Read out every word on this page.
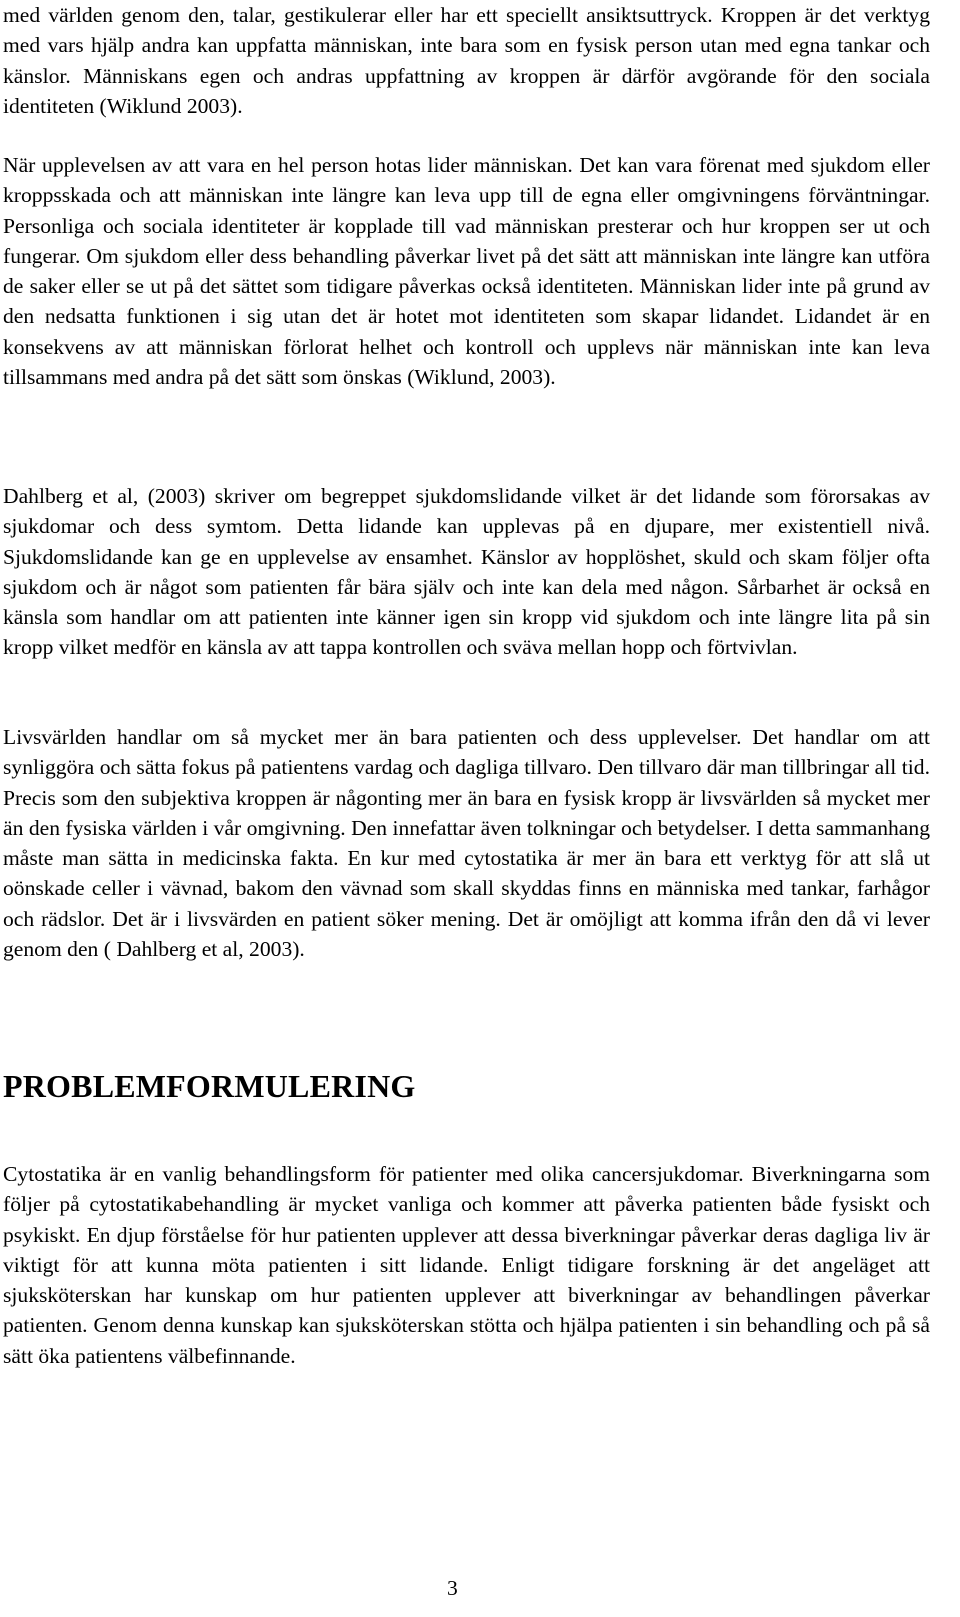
med världen genom den, talar, gestikulerar eller har ett speciellt ansiktsuttryck. Kroppen är det verktyg med vars hjälp andra kan uppfatta människan, inte bara som en fysisk person utan med egna tankar och känslor. Människans egen och andras uppfattning av kroppen är därför avgörande för den sociala identiteten (Wiklund 2003).

När upplevelsen av att vara en hel person hotas lider människan. Det kan vara förenat med sjukdom eller kroppsskada och att människan inte längre kan leva upp till de egna eller omgivningens förväntningar. Personliga och sociala identiteter är kopplade till vad människan presterar och hur kroppen ser ut och fungerar. Om sjukdom eller dess behandling påverkar livet på det sätt att människan inte längre kan utföra de saker eller se ut på det sättet som tidigare påverkas också identiteten. Människan lider inte på grund av den nedsatta funktionen i sig utan det är hotet mot identiteten som skapar lidandet. Lidandet är en konsekvens av att människan förlorat helhet och kontroll och upplevs när människan inte kan leva tillsammans med andra på det sätt som önskas (Wiklund, 2003).

Dahlberg et al, (2003) skriver om begreppet sjukdomslidande vilket är det lidande som förorsakas av sjukdomar och dess symtom. Detta lidande kan upplevas på en djupare, mer existentiell nivå. Sjukdomslidande kan ge en upplevelse av ensamhet. Känslor av hopplöshet, skuld och skam följer ofta sjukdom och är något som patienten får bära själv och inte kan dela med någon. Sårbarhet är också en känsla som handlar om att patienten inte känner igen sin kropp vid sjukdom och inte längre lita på sin kropp vilket medför en känsla av att tappa kontrollen och sväva mellan hopp och förtvivlan.

Livsvärlden handlar om så mycket mer än bara patienten och dess upplevelser. Det handlar om att synliggöra och sätta fokus på patientens vardag och dagliga tillvaro. Den tillvaro där man tillbringar all tid. Precis som den subjektiva kroppen är någonting mer än bara en fysisk kropp är livsvärlden så mycket mer än den fysiska världen i vår omgivning. Den innefattar även tolkningar och betydelser. I detta sammanhang måste man sätta in medicinska fakta. En kur med cytostatika är mer än bara ett verktyg för att slå ut oönskade celler i vävnad, bakom den vävnad som skall skyddas finns en människa med tankar, farhågor och rädslor. Det är i livsvärden en patient söker mening. Det är omöjligt att komma ifrån den då vi lever genom den ( Dahlberg et al, 2003).

PROBLEMFORMULERING

Cytostatika är en vanlig behandlingsform för patienter med olika cancersjukdomar. Biverkningarna som följer på cytostatikabehandling är mycket vanliga och kommer att påverka patienten både fysiskt och psykiskt. En djup förståelse för hur patienten upplever att dessa biverkningar påverkar deras dagliga liv är viktigt för att kunna möta patienten i sitt lidande. Enligt tidigare forskning är det angeläget att sjuksköterskan har kunskap om hur patienten upplever att biverkningar av behandlingen påverkar patienten. Genom denna kunskap kan sjuksköterskan stötta och hjälpa patienten i sin behandling och på så sätt öka patientens välbefinnande.

3
